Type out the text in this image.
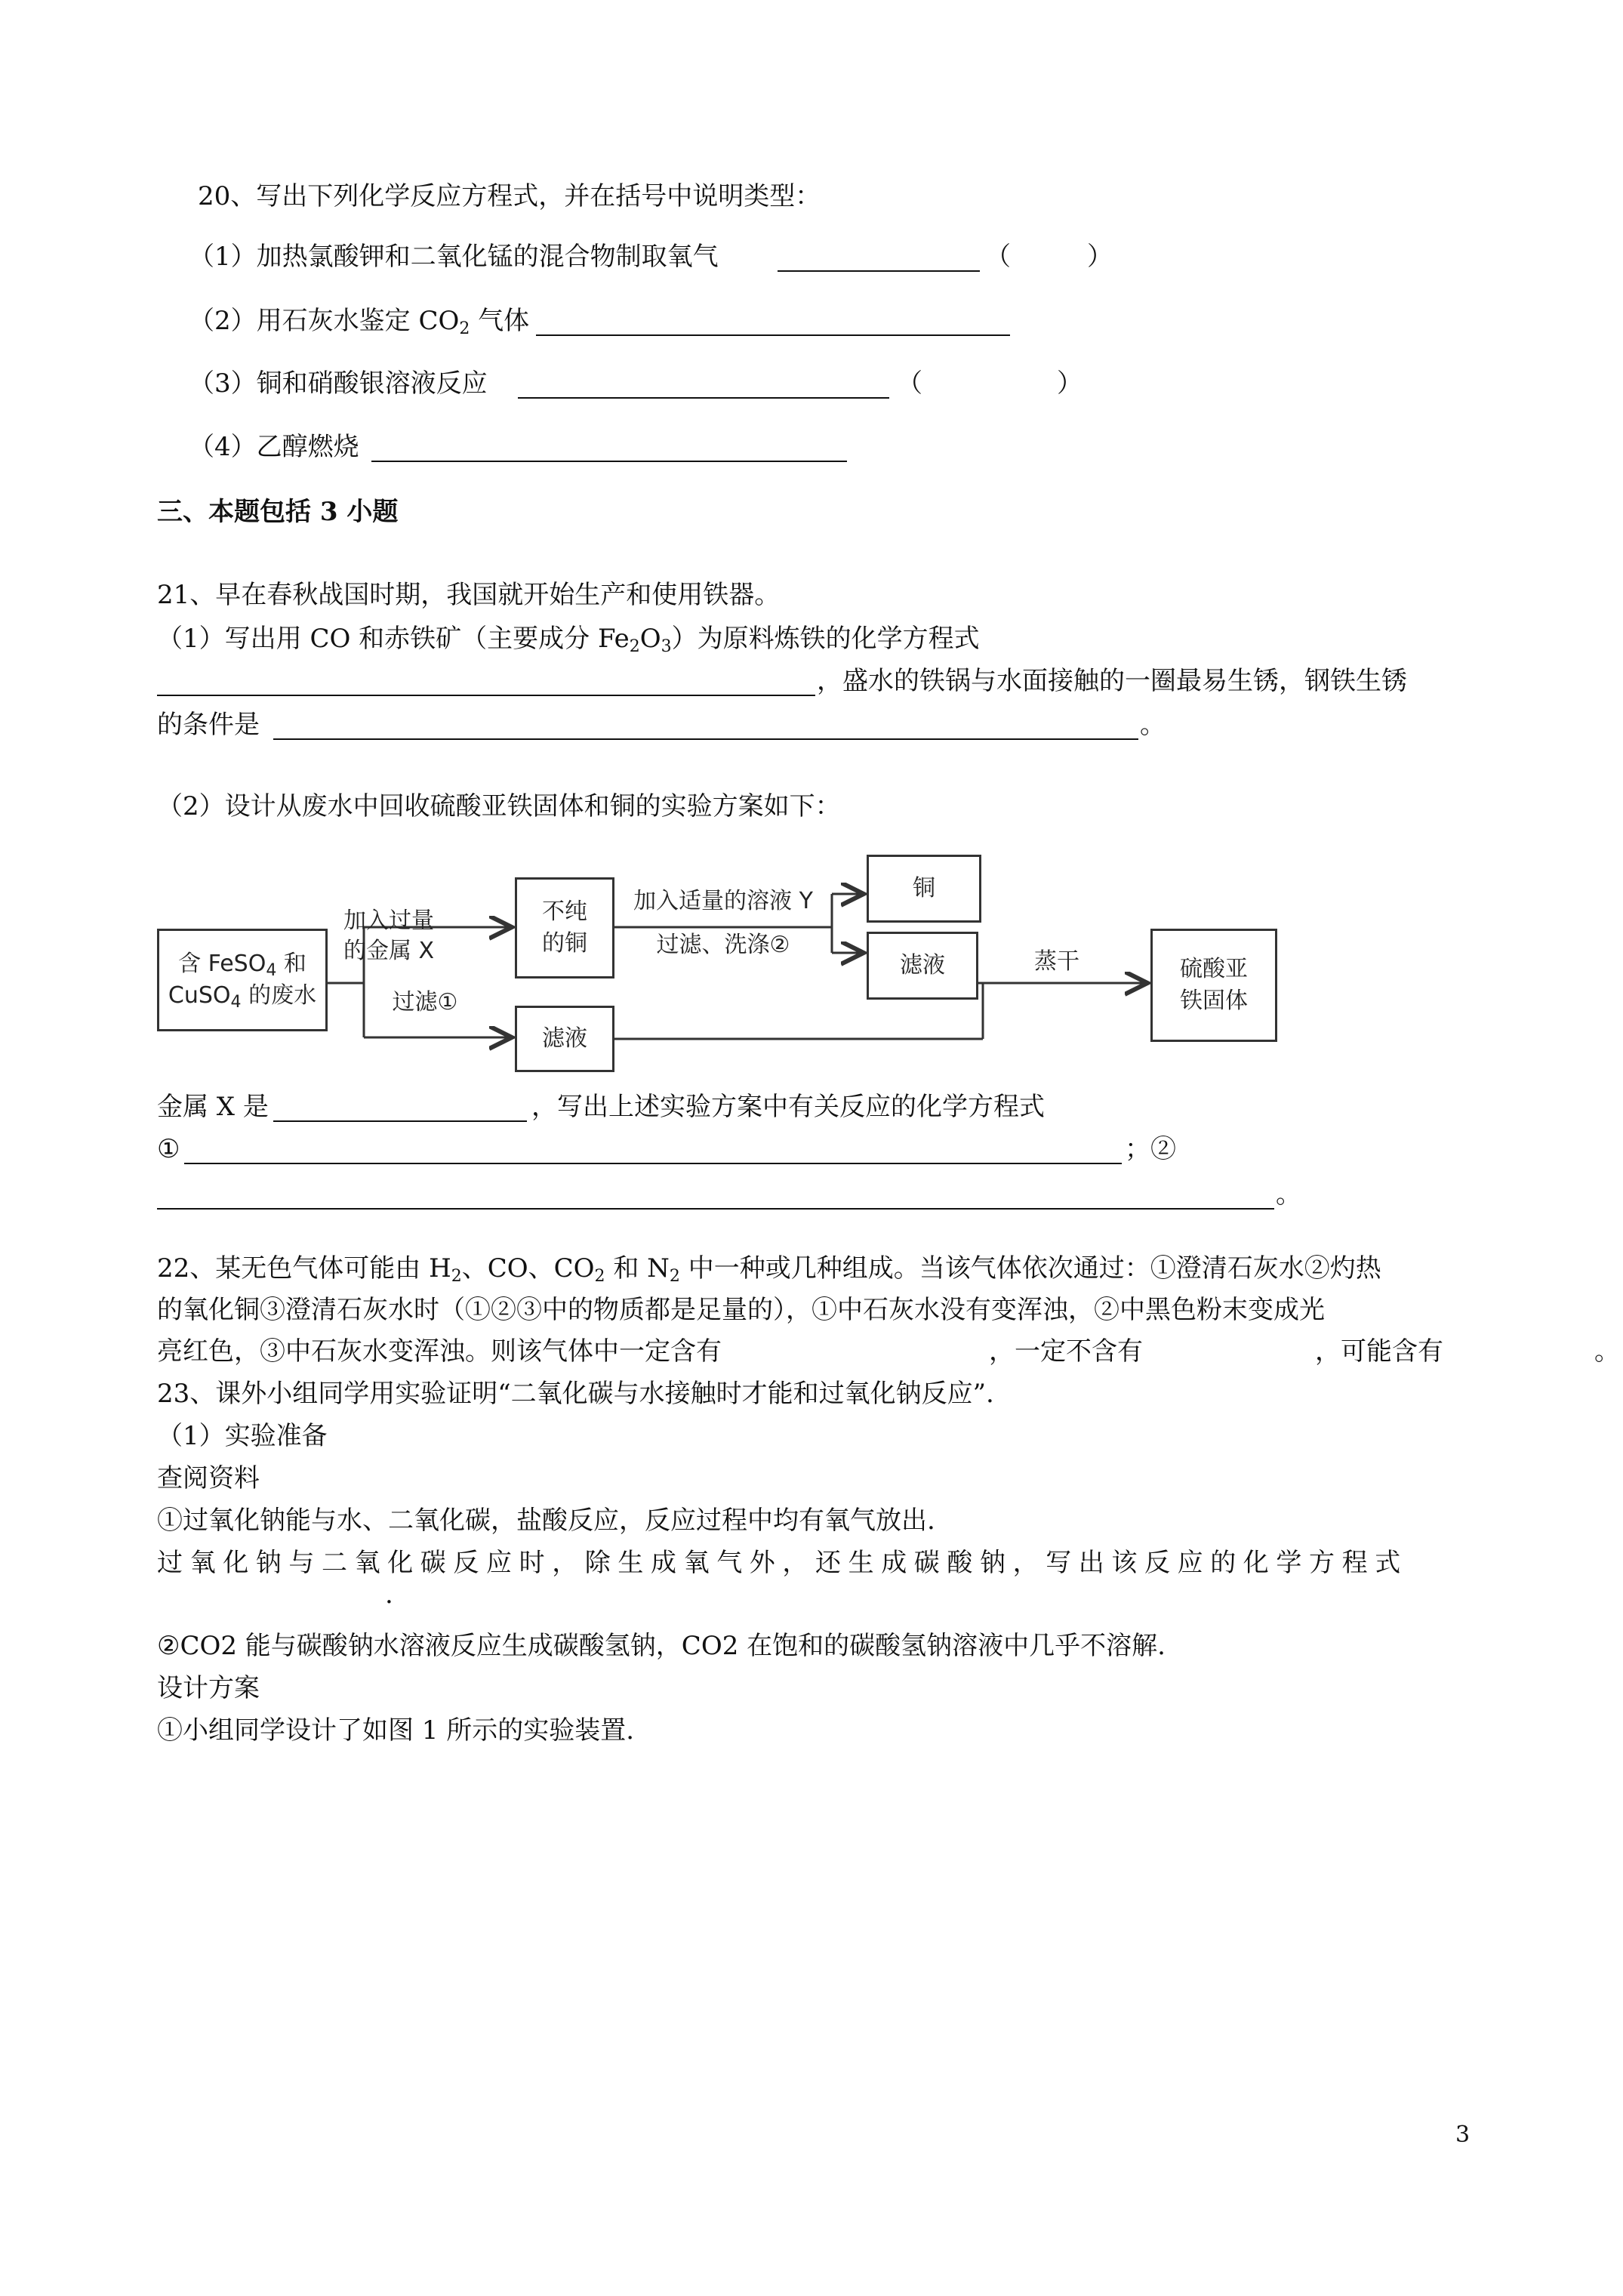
20、写出下列化学反应方程式，并在括号中说明类型：
（1）加热氯酸钾和二氧化锰的混合物制取氧气	（	）
（2）用石灰水鉴定 $CO_2$ 气体
（3）铜和硝酸银溶液反应	（	）
（4）乙醇燃烧
三、本题包括 3 小题
21、早在春秋战国时期，我国就开始生产和使用铁器。
（1）写出用 CO 和赤铁矿（主要成分 $Fe_2O_3$）为原料炼铁的化学方程式
，盛水的铁锅与水面接触的一圈最易生锈，钢铁生锈
的条件是	。
（2）设计从废水中回收硫酸亚铁固体和铜的实验方案如下：
含 FeSO$_4$ 和
CuSO$_4$ 的废水
加入过量
的金属 X
过滤①
不纯
的铜
加入适量的溶液 Y
过滤、洗涤②
铜
滤液	蒸干
滤液
硫酸亚
铁固体
金属 X 是	，写出上述实验方案中有关反应的化学方程式
①	；②
。
22、某无色气体可能由 $H_2$、CO、$CO_2$ 和 $N_2$ 中一种或几种组成。当该气体依次通过：①澄清石灰水②灼热
的氧化铜③澄清石灰水时（①②③中的物质都是足量的），①中石灰水没有变浑浊，②中黑色粉末变成光
亮红色，③中石灰水变浑浊。则该气体中一定含有	，一定不含有	，可能含有	。
23、课外小组同学用实验证明“二氧化碳与水接触时才能和过氧化钠反应”.
（1）实验准备
查阅资料
①过氧化钠能与水、二氧化碳，盐酸反应，反应过程中均有氧气放出.
过氧化钠与二氧化碳反应时，除生成氧气外，还生成碳酸钠，写出该反应的化学方程式
.
②CO2 能与碳酸钠水溶液反应生成碳酸氢钠，CO2 在饱和的碳酸氢钠溶液中几乎不溶解.
设计方案
①小组同学设计了如图 1 所示的实验装置.
3
